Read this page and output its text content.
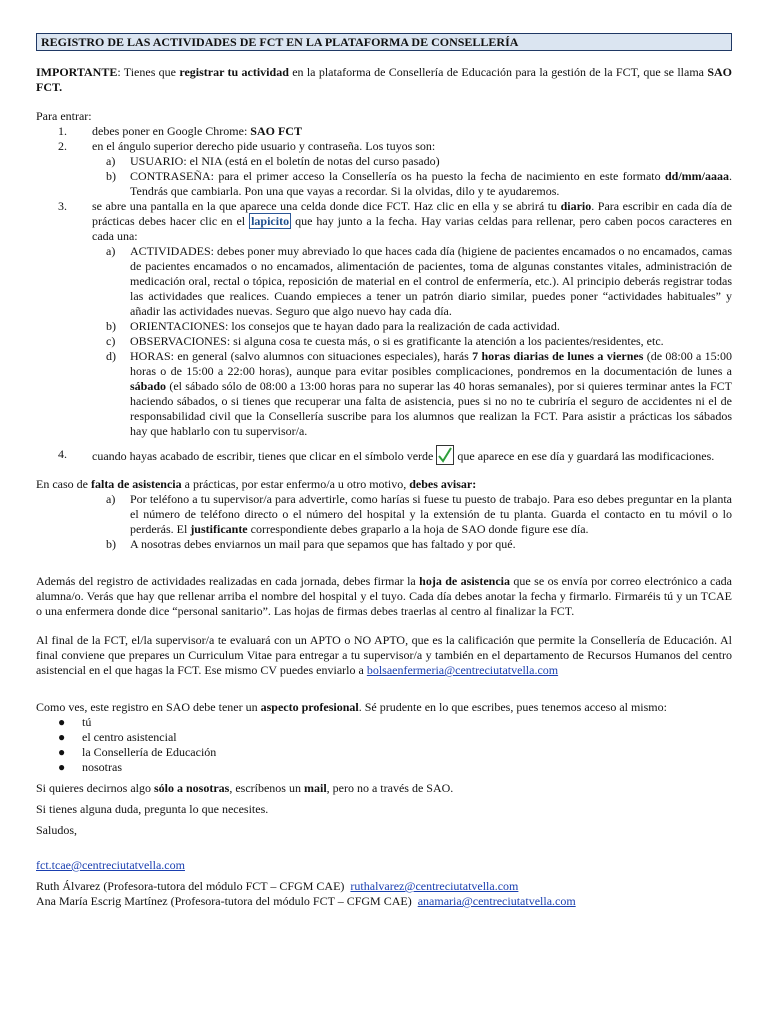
REGISTRO DE LAS ACTIVIDADES DE FCT EN LA PLATAFORMA DE CONSELLERÍA

IMPORTANTE: Tienes que registrar tu actividad en la plataforma de Consellería de Educación para la gestión de la FCT, que se llama SAO FCT.

Para entrar:

1.	debes poner en Google Chrome: SAO FCT
2.	en el ángulo superior derecho pide usuario y contraseña. Los tuyos son:
a)	USUARIO: el NIA (está en el boletín de notas del curso pasado)
b)	CONTRASEÑA: para el primer acceso la Consellería os ha puesto la fecha de nacimiento en este formato dd/mm/aaaa. Tendrás que cambiarla. Pon una que vayas a recordar. Si la olvidas, dilo y te ayudaremos.
3.	se abre una pantalla en la que aparece una celda donde dice FCT. Haz clic en ella y se abrirá tu diario. Para escribir en cada día de prácticas debes hacer clic en el lapicito que hay junto a la fecha. Hay varias celdas para rellenar, pero caben pocos caracteres en cada una:
a)	ACTIVIDADES: debes poner muy abreviado lo que haces cada día (higiene de pacientes encamados o no encamados, camas de pacientes encamados o no encamados, alimentación de pacientes, toma de algunas constantes vitales, administración de medicación oral, rectal o tópica, reposición de material en el control de enfermería, etc.). Al principio deberás registrar todas las actividades que realices. Cuando empieces a tener un patrón diario similar, puedes poner “actividades habituales” y añadir las actividades nuevas. Seguro que algo nuevo hay cada día.
b)	ORIENTACIONES: los consejos que te hayan dado para la realización de cada actividad.
c)	OBSERVACIONES: si alguna cosa te cuesta más, o si es gratificante la atención a los pacientes/residentes, etc.
d)	HORAS: en general (salvo alumnos con situaciones especiales), harás 7 horas diarias de lunes a viernes (de 08:00 a 15:00 horas o de 15:00 a 22:00 horas), aunque para evitar posibles complicaciones, pondremos en la documentación de lunes a sábado (el sábado sólo de 08:00 a 13:00 horas para no superar las 40 horas semanales), por si quieres terminar antes la FCT haciendo sábados, o si tienes que recuperar una falta de asistencia, pues si no no te cubriría el seguro de accidentes ni el de responsabilidad civil que la Consellería suscribe para los alumnos que realizan la FCT. Para asistir a prácticas los sábados hay que hablarlo con tu supervisor/a.
4.	cuando hayas acabado de escribir, tienes que clicar en el símbolo verde que aparece en ese día y guardará las modificaciones.

En caso de falta de asistencia a prácticas, por estar enfermo/a u otro motivo, debes avisar:

a)	Por teléfono a tu supervisor/a para advertirle, como harías si fuese tu puesto de trabajo. Para eso debes preguntar en la planta el número de teléfono directo o el número del hospital y la extensión de tu planta. Guarda el contacto en tu móvil o lo perderás. El justificante correspondiente debes graparlo a la hoja de SAO donde figure ese día.
b)	A nosotras debes enviarnos un mail para que sepamos que has faltado y por qué.

Además del registro de actividades realizadas en cada jornada, debes firmar la hoja de asistencia que se os envía por correo electrónico a cada alumna/o. Verás que hay que rellenar arriba el nombre del hospital y el tuyo. Cada día debes anotar la fecha y firmarlo. Firmaréis tú y un TCAE o una enfermera donde dice “personal sanitario”. Las hojas de firmas debes traerlas al centro al finalizar la FCT.

Al final de la FCT, el/la supervisor/a te evaluará con un APTO o NO APTO, que es la calificación que permite la Consellería de Educación. Al final conviene que prepares un Curriculum Vitae para entregar a tu supervisor/a y también en el departamento de Recursos Humanos del centro asistencial en el que hagas la FCT. Ese mismo CV puedes enviarlo a bolsaenfermeria@centreciutatvella.com

Como ves, este registro en SAO debe tener un aspecto profesional. Sé prudente en lo que escribes, pues tenemos acceso al mismo:

●	tú
●	el centro asistencial
●	la Consellería de Educación
●	nosotras

Si quieres decirnos algo sólo a nosotras, escríbenos un mail, pero no a través de SAO.

Si tienes alguna duda, pregunta lo que necesites.

Saludos,

fct.tcae@centreciutatvella.com

Ruth Álvarez (Profesora-tutora del módulo FCT – CFGM CAE) ruthalvarez@centreciutatvella.com

Ana María Escrig Martínez (Profesora-tutora del módulo FCT – CFGM CAE) anamaria@centreciutatvella.com
